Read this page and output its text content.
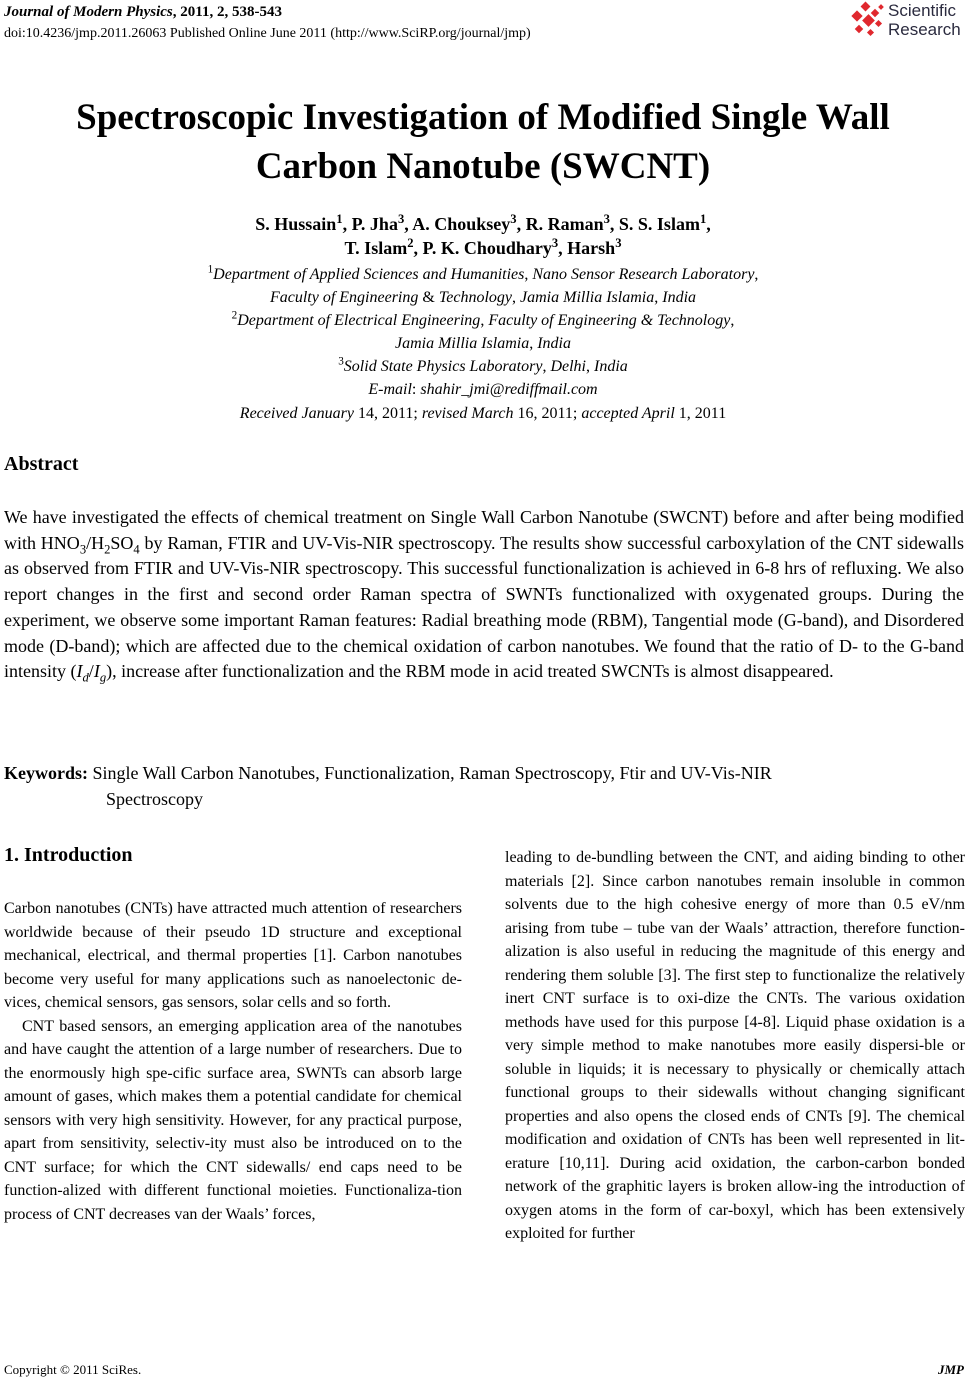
Journal of Modern Physics, 2011, 2, 538-543
doi:10.4236/jmp.2011.26063 Published Online June 2011 (http://www.SciRP.org/journal/jmp)
Scientific
Research
Spectroscopic Investigation of Modified Single Wall
Carbon Nanotube (SWCNT)
S. Hussain$^1$, P. Jha$^3$, A. Chouksey$^3$, R. Raman$^3$, S. S. Islam$^1$,
T. Islam$^2$, P. K. Choudhary$^3$, Harsh$^3$
$^1$Department of Applied Sciences and Humanities, Nano Sensor Research Laboratory,
Faculty of Engineering & Technology, Jamia Millia Islamia, India
$^2$Department of Electrical Engineering, Faculty of Engineering & Technology,
Jamia Millia Islamia, India
$^3$Solid State Physics Laboratory, Delhi, India
E-mail: shahir_jmi@rediffmail.com
Received January 14, 2011; revised March 16, 2011; accepted April 1, 2011
Abstract

We have investigated the effects of chemical treatment on Single Wall Carbon Nanotube (SWCNT) before and after being modified with $HNO_3/H_2SO_4$ by Raman, FTIR and UV-Vis-NIR spectroscopy. The results show successful carboxylation of the CNT sidewalls as observed from FTIR and UV-Vis-NIR spectroscopy. This successful functionalization is achieved in 6-8 hrs of refluxing. We also report changes in the first and second order Raman spectra of SWNTs functionalized with oxygenated groups. During the experiment, we observe some important Raman features: Radial breathing mode (RBM), Tangential mode (G-band), and Disordered mode (D-band); which are affected due to the chemical oxidation of carbon nanotubes. We found that the ratio of D- to the G-band intensity $(I_d/I_g)$, increase after functionalization and the RBM mode in acid treated SWCNTs is almost disappeared.

Keywords: Single Wall Carbon Nanotubes, Functionalization, Raman Spectroscopy, Ftir and UV-Vis-NIR
Spectroscopy
1. Introduction

Carbon nanotubes (CNTs) have attracted much attention of researchers worldwide because of their pseudo 1D structure and exceptional mechanical, electrical, and thermal properties [1]. Carbon nanotubes become very useful for many applications such as nanoelectonic de-vices, chemical sensors, gas sensors, solar cells and so forth.

CNT based sensors, an emerging application area of the nanotubes and have caught the attention of a large number of researchers. Due to the enormously high spe-cific surface area, SWNTs can absorb large amount of gases, which makes them a potential candidate for chemical sensors with very high sensitivity. However, for any practical purpose, apart from sensitivity, selectiv-ity must also be introduced on to the CNT surface; for which the CNT sidewalls/ end caps need to be function-alized with different functional moieties. Functionaliza-tion process of CNT decreases van der Waals’ forces,

leading to de-bundling between the CNT, and aiding binding to other materials [2]. Since carbon nanotubes remain insoluble in common solvents due to the high cohesive energy of more than 0.5 eV/nm arising from tube – tube van der Waals’ attraction, therefore function-alization is also useful in reducing the magnitude of this energy and rendering them soluble [3]. The first step to functionalize the relatively inert CNT surface is to oxi-dize the CNTs. The various oxidation methods have used for this purpose [4-8]. Liquid phase oxidation is a very simple method to make nanotubes more easily dispersi-ble or soluble in liquids; it is necessary to physically or chemically attach functional groups to their sidewalls without changing significant properties and also opens the closed ends of CNTs [9]. The chemical modification and oxidation of CNTs has been well represented in lit-erature [10,11]. During acid oxidation, the carbon-carbon bonded network of the graphitic layers is broken allow-ing the introduction of oxygen atoms in the form of car-boxyl, which has been extensively exploited for further

Copyright © 2011 SciRes.	JMP
